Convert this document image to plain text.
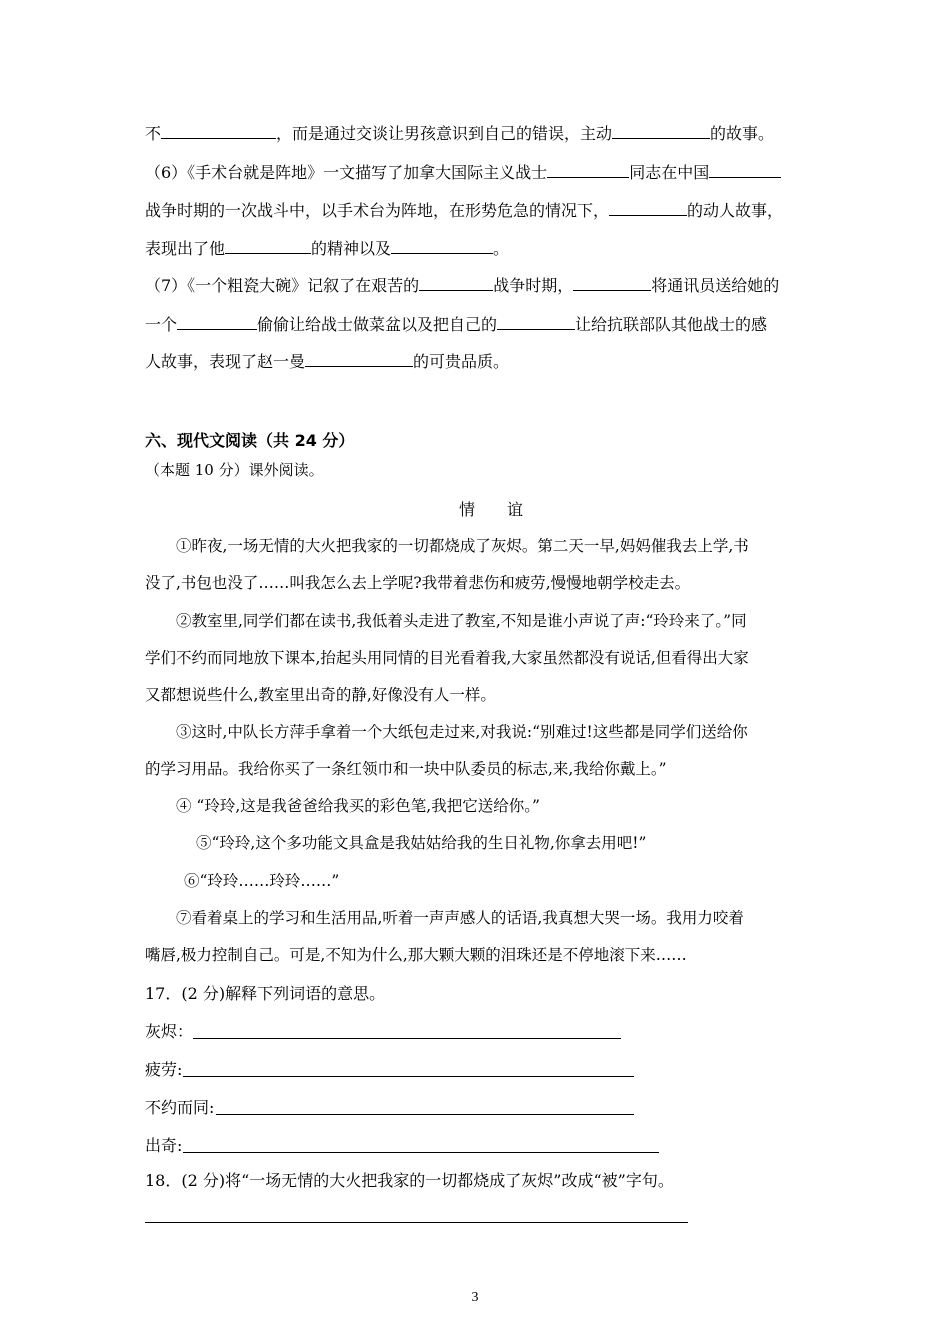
不	，而是通过交谈让男孩意识到自己的错误，主动	的故事。
（6）《手术台就是阵地》一文描写了加拿大国际主义战士	同志在中国
战争时期的一次战斗中，以手术台为阵地，在形势危急的情况下，	的动人故事，
表现出了他	的精神以及	。
（7）《一个粗瓷大碗》记叙了在艰苦的	战争时期，	将通讯员送给她的
一个	偷偷让给战士做菜盆以及把自己的	让给抗联部队其他战士的感
人故事，表现了赵一曼	的可贵品质。
六、现代文阅读（共 24 分）
（本题 10 分）课外阅读。
情谊
①昨夜,一场无情的大火把我家的一切都烧成了灰烬。第二天一早,妈妈催我去上学,书
没了,书包也没了……叫我怎么去上学呢?我带着悲伤和疲劳,慢慢地朝学校走去。
②教室里,同学们都在读书,我低着头走进了教室,不知是谁小声说了声:“玲玲来了。”同
学们不约而同地放下课本,抬起头用同情的目光看着我,大家虽然都没有说话,但看得出大家
又都想说些什么,教室里出奇的静,好像没有人一样。
③这时,中队长方萍手拿着一个大纸包走过来,对我说:“别难过!这些都是同学们送给你
的学习用品。我给你买了一条红领巾和一块中队委员的标志,来,我给你戴上。”
④ “玲玲,这是我爸爸给我买的彩色笔,我把它送给你。”
⑤“玲玲,这个多功能文具盒是我姑姑给我的生日礼物,你拿去用吧!”
⑥“玲玲……玲玲……”
⑦看着桌上的学习和生活用品,听着一声声感人的话语,我真想大哭一场。我用力咬着
嘴唇,极力控制自己。可是,不知为什么,那大颗大颗的泪珠还是不停地滚下来……
17．(2 分)解释下列词语的意思。
灰烬：
疲劳:
不约而同:
出奇:
18．(2 分)将“一场无情的大火把我家的一切都烧成了灰烬”改成“被”字句。
3
